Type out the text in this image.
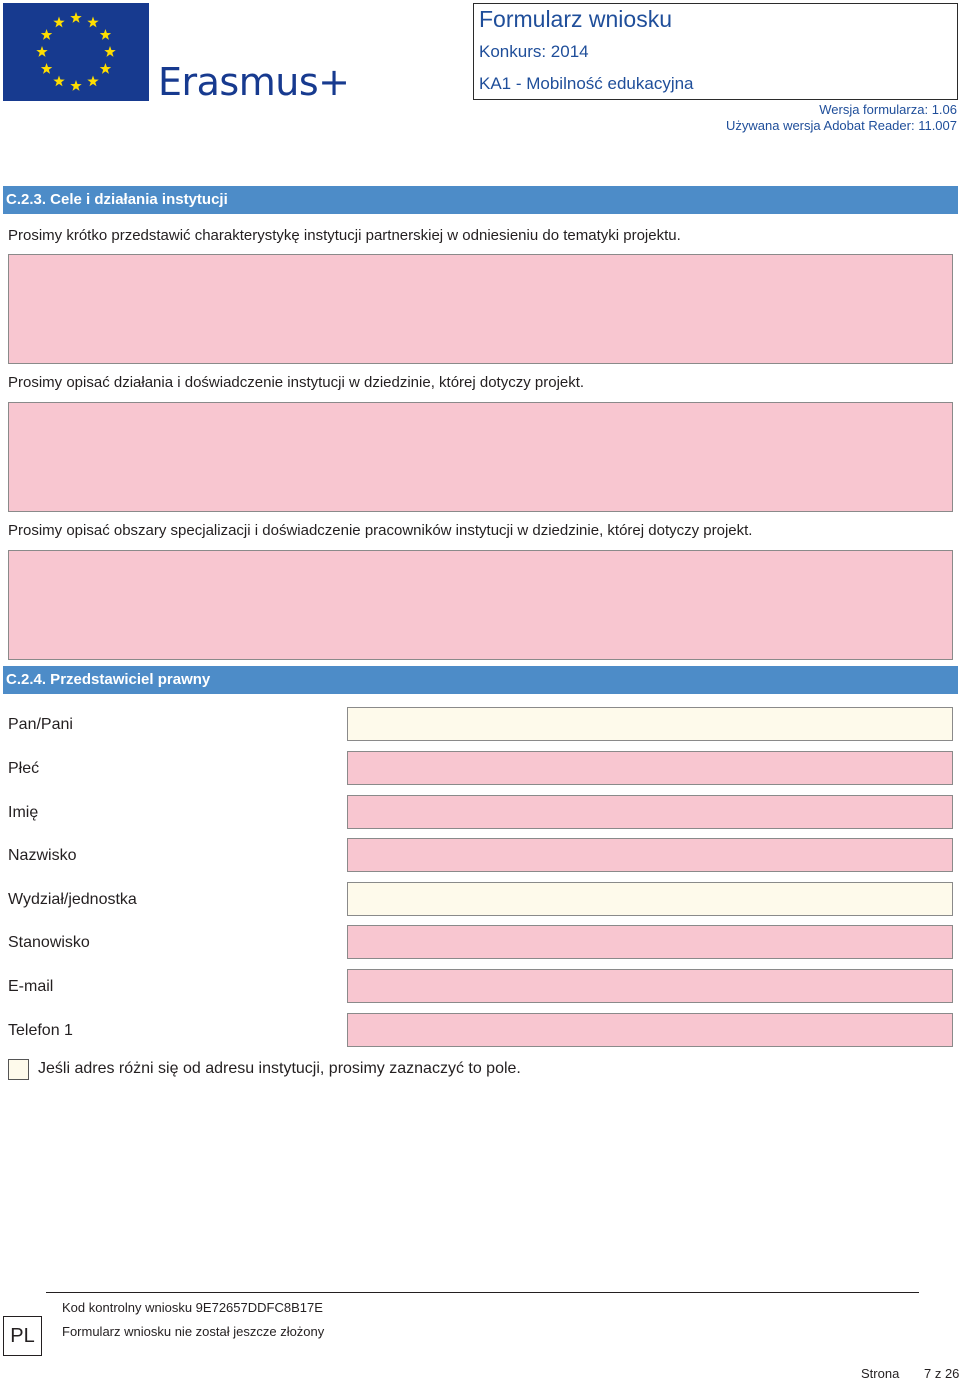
Erasmus+
Formularz wniosku
Konkurs: 2014
KA1 - Mobilność edukacyjna
Wersja formularza: 1.06
Używana wersja Adobat Reader: 11.007
C.2.3. Cele i działania instytucji
Prosimy krótko przedstawić charakterystykę instytucji partnerskiej w odniesieniu do tematyki projektu.
Prosimy opisać działania i doświadczenie instytucji w dziedzinie, której dotyczy projekt.
Prosimy opisać obszary specjalizacji i doświadczenie pracowników instytucji w dziedzinie, której dotyczy projekt.
C.2.4. Przedstawiciel prawny
Pan/Pani
Płeć
Imię
Nazwisko
Wydział/jednostka
Stanowisko
E-mail
Telefon 1
Jeśli adres różni się od adresu instytucji, prosimy zaznaczyć to pole.
PL
Kod kontrolny wniosku 9E72657DDFC8B17E
Formularz wniosku nie został jeszcze złożony
Strona 7 z 26
